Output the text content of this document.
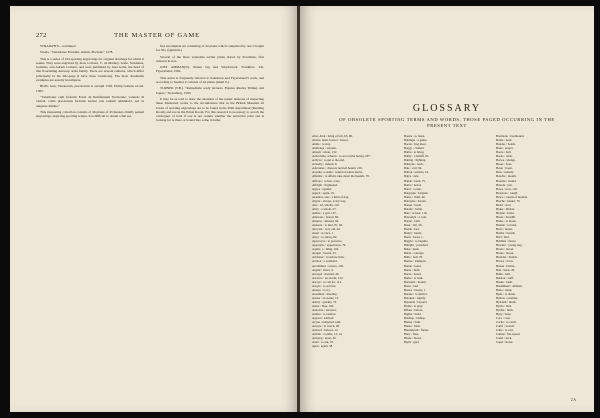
272	THE MASTER OF GAME

STRAIGHTS—continued

Strada, “Venationes Ferarum, Avium, Piscium,” 1578.

This is a series of 104 sporting engravings for original drawings for which it seems. They were engraved by Jean, Collaert, C. de Mallery, Galle, Stradanus, Goltzius, and Adrian Collaert, and were published by Jean Galle, the head of that flourishing Antwerp artist family. There are several editions, which differ principally in the title-page (I have three variations). The most obtainable examples are usually incomplete.

BOIS, Jean, Venatorum, piscatorum et aucupii 1592. Philip Galleus excud. 1582.

“Venationes cum ferarum Fonte de Reinfanuem Vostvende; volendo di varietà, come piscatorum ferarum nauion non tantum administri, sed ut utagesse diutius.”

This interesting collection consists of 46 plates of 43 hunters chiefly pained engravings, depicting sporting scenes. It is difficult to obtain a full set.

free incomplete set consisting of 44 plates which completed by one I bought for 50s. (Quaritch.)

Several of the more venerable earlier prints drawn by Stradanus, first reduced in size.

JOST AMMAN(N). Neuen Jag und Weydwerck. Frankfort, Joh. Feyerabend, 1582.

This series is frequently referred to Kunstreat and Feyerabend’s work, and according to Seemer it consists of 44 plates (small 8.).

TURNER (T.B.). “Remedialle wedy pictures. Figures alludey Tibmuy and Jagers.” Strassburg, 1590.

It may be as well to draw the attention of the reader desirous of inspecting these illustrated works to the circumstance that in the British Museum all books of sporting engravings are to be found in the Print department (Reading Room) and not in the Prints Room. For this reason it is necessary to search the catalogues of both if one is not certain whether the particular print one is looking for is there or bound into some volume.

GLOSSARY
OF OBSOLETE SPORTING TERMS AND WORDS, THOSE PAGED OCCURRING IN THE PRESENT TEXT
Abai, Abai : bring of fair, 63, 96.
Abatre, busit, beaver : bowel.
Abide : to stay.
Abidynge : sojourn.
Abisyn : about, 132.
Achevfulle, achieve : to set on (the hawk), 207.
Achyve : to get to the end.
Actuelly : indeed, 9.
Adovunes : chewed, noticed hound, 216.
Acquite, a saulte : sound of nature horns.
Afferme : to affirm, take down the hounds, 70.
Affraye : to fear, scare.
Affright : frightened.
Agaye : against.
Ageyn : again, 16.
Alauntes, ales : a kind of dog.
Algate : always, every way.
Alle : all, wholly, 110.
Alley : a whole, 27.
Amble : a gait, 127.
Amerous : feared, 69.
Amyres : amazed, 94.
Anasure : to hurt, 81, 82.
Ancyent : very old, 40.
Anon : at once, 1.
Anoy : to annoy, 82.
Aperceyve : to perceive.
Apparylle : appearance, 79.
Aquite, a : thing, 102.
Aragen : beasts, 53.
Arblaster : crossbow man.
Archon : a scabbard.
Arcrimmes : arrows, 149.
Argent : silver, 4.
Arrayed : dressed, 49.
Ascence : an ascent, 212.
Ascrye : to call for, 112.
Asoyle : to set free.
Assaye : to try.
Assemble : meeting.
Assise : an assize, 13.
Astely : quickly, 74.
Asure : blue, 160.
Auncetre : ancestor.
Auntre : to venture.
Auysed : advised.
Avyne : tempered with.
Awayte : to watch, 28.
Awboof : behoof, 12.
Awhile : a while, 13, 14.
Awnyng : upon, 39.
Axen : to ask, 25.
Ayen : again, 58.
Baaste : to baste.
Babingte : a game.
Bacon : hog meat.
Baggy : clothed.
Baille : to bring.
Bailly : a bailiff, 93.
Baiting : fighting.
Baksyde : back.
Bale : evil, 94.
Ballok : testicle, 19.
Balye : rule.
Bande : band, 75.
Barbe : beard.
Barel : a cask.
Bargayne : bargain.
Barne : child, 46.
Barrayne : barren.
Bassel : basin.
Bataile : battle.
Bate : to beat, 119.
Bawselyn : a coin.
Bayne : bath.
Beau : fair, 26.
Bedde : bed.
Bedys : beads.
Beest : beast, 1.
Begyle : to beguile.
Behight : promised.
Beke : beak.
Belde : courage.
Belle : bell, 70.
Bemes : trumpets.
Bende : bond.
Bente : field.
Berde : beard.
Berke : to bark.
Bersselet : hound.
Beste : best.
Bestes : beasts, 1.
Betake : to deliver.
Betoken : signify.
Beyonde : beyond.
Bidde : to pray.
Biforn : before.
Bighte : bend.
Bisshop : bishop.
Blame : fault.
Blaste : blast.
Blaundyssh : flatter.
Blew : blue.
Blode : blood.
Blyth : glad.
Boerbone : bearhound.
Bolde : bold.
Bondes : bonds.
Bone : prayer.
Boole : bull.
Borde : table.
Borwe : pledge.
Bosse : boss.
Boste : boast.
Bote : remedy.
Bouche : mouth.
Bounde : bound.
Bourde : jest.
Bowe : bow, 118.
Boystous : rough.
Brace : couple of hounds.
Brache : hound, 70.
Braid : start.
Brake : thicket.
Brayne : brain.
Brede : breadth.
Breke : to break.
Brenne : to burn.
Brest : breast.
Brethe : breath.
Brid : bird.
Brimme : fierce.
Brocket : young stag.
Brode : broad.
Broke : brook.
Brondes : brands.
Browe : brow.
Bruste : bristle.
Buk : buck, 26.
Bulle : bull.
Burdon : staff.
Buske : bush.
Busshment : ambush.
Butte : mark.
Byde : to abide.
Byhote : promise.
Byndeth : binds.
Byrde : bird.
Byrthe : birth.
Bysy : busy.
Cace : case.
Cache : to catch.
Caitif : wretch.
Calle : to call.
Camus : flat-nosed.
Canel : neck.
Capel : horse.
2 A
